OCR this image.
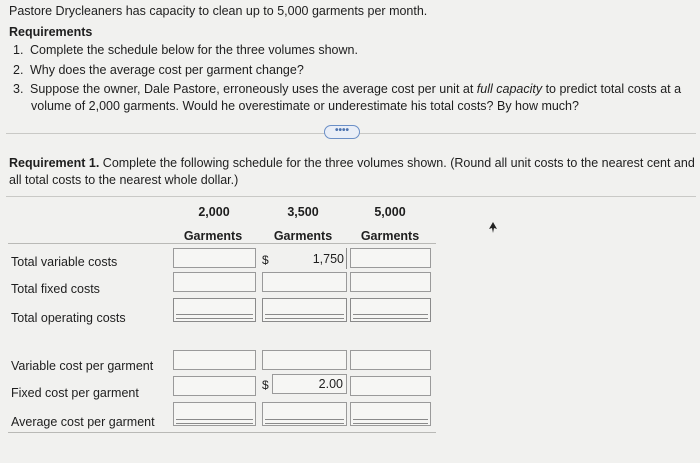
Pastore Drycleaners has capacity to clean up to 5,000 garments per month.
Requirements
1. Complete the schedule below for the three volumes shown.
2. Why does the average cost per garment change?
3. Suppose the owner, Dale Pastore, erroneously uses the average cost per unit at full capacity to predict total costs at a
volume of 2,000 garments. Would he overestimate or underestimate his total costs? By how much?
••••
Requirement 1. Complete the following schedule for the three volumes shown. (Round all unit costs to the nearest cent and all total costs to the nearest whole dollar.)
2,000
Garments
3,500
Garments
5,000
Garments
Total variable costs
Total fixed costs
Total operating costs
Variable cost per garment
Fixed cost per garment
Average cost per garment
$	1,750
$	2.00
